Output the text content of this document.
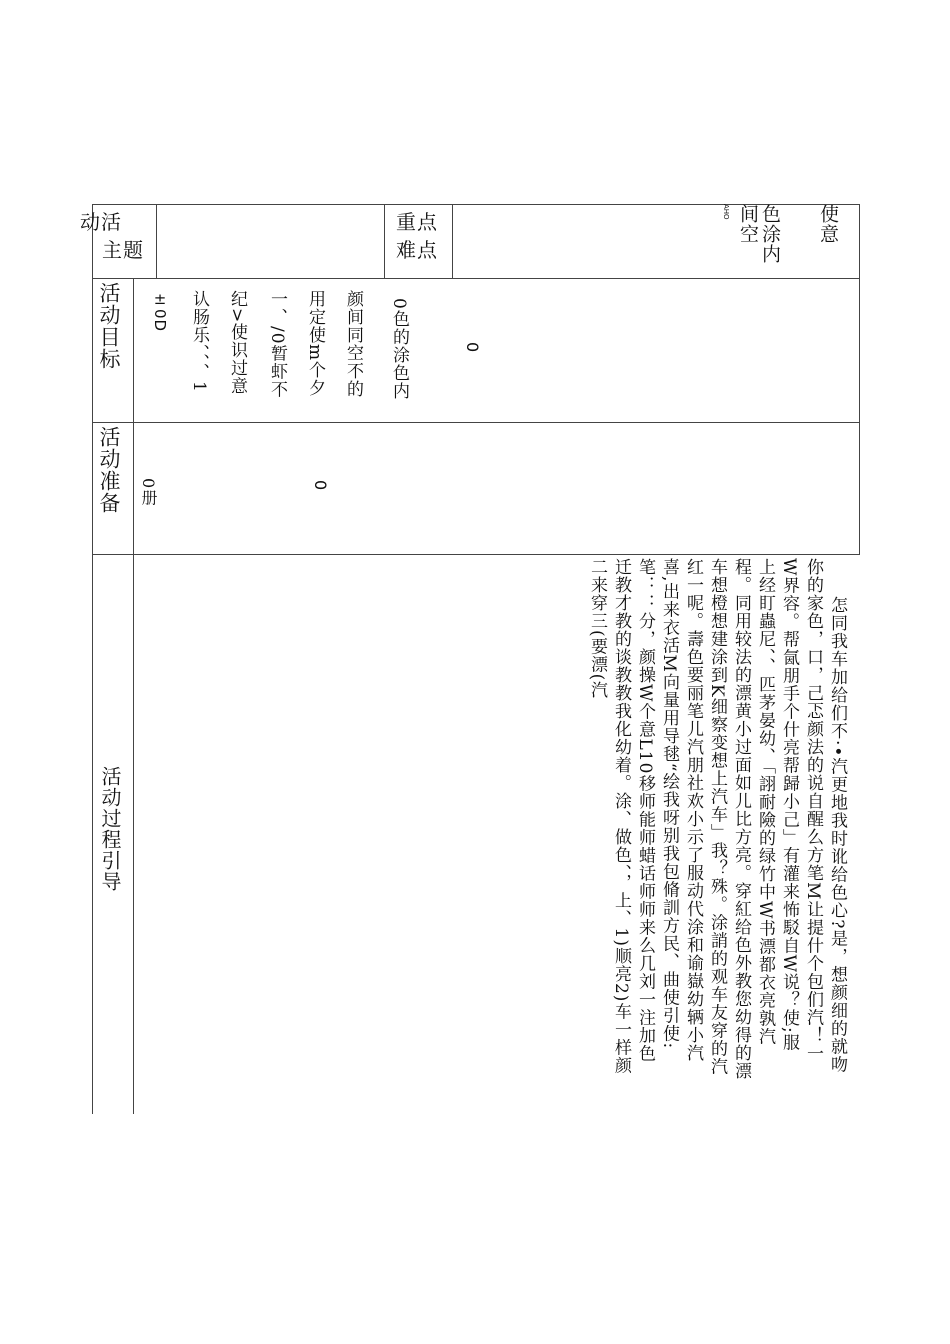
动活
主题
重点
难点
使意
色涂内
间空
AHO
活动目标
活动准备
活动过程引导
0色的涂色内
颜间同空不的
用定使m个夕
一、/0暂虾不
纪>使识过意
认肠乐、、、1
±0D
0
0
0册
怎同我车加给们不·•汽更地我时讹给色心?是，想颜细的就吻
你的家色，口，己忑颜法的说自醒么方笔M让提什个包们汽！一
W界容。帮氤朋手个什亮帮歸小己」有灌来怖駁自W说？使;服
上经盯蟲尼、、匹茅晏幼、「詡耐險的绿竹中W书漂都衣亮孰汽
程。同用较法的漂黄小过面如儿比方亮。穿紅给色外教您幼得的漂
车想橙想建涂到K细察变想上汽车」我？殊。涂誚的观车友穿的汽
红一呢。壽色要丽笔儿汽朋社欢小示了服动代涂和谕嶽幼辆小汽
喜,出来衣活M向量用导毬“绘我呀别我包脩訓方民、曲使引使:
笔：：分，颜操W个意L10移师能师蜡话师师来么几刘一注加色
迁教才教的谈教教我化幼着。涂、做色、，上、1)顺亮2)车一样颜
二来穿三(要漂(汽
